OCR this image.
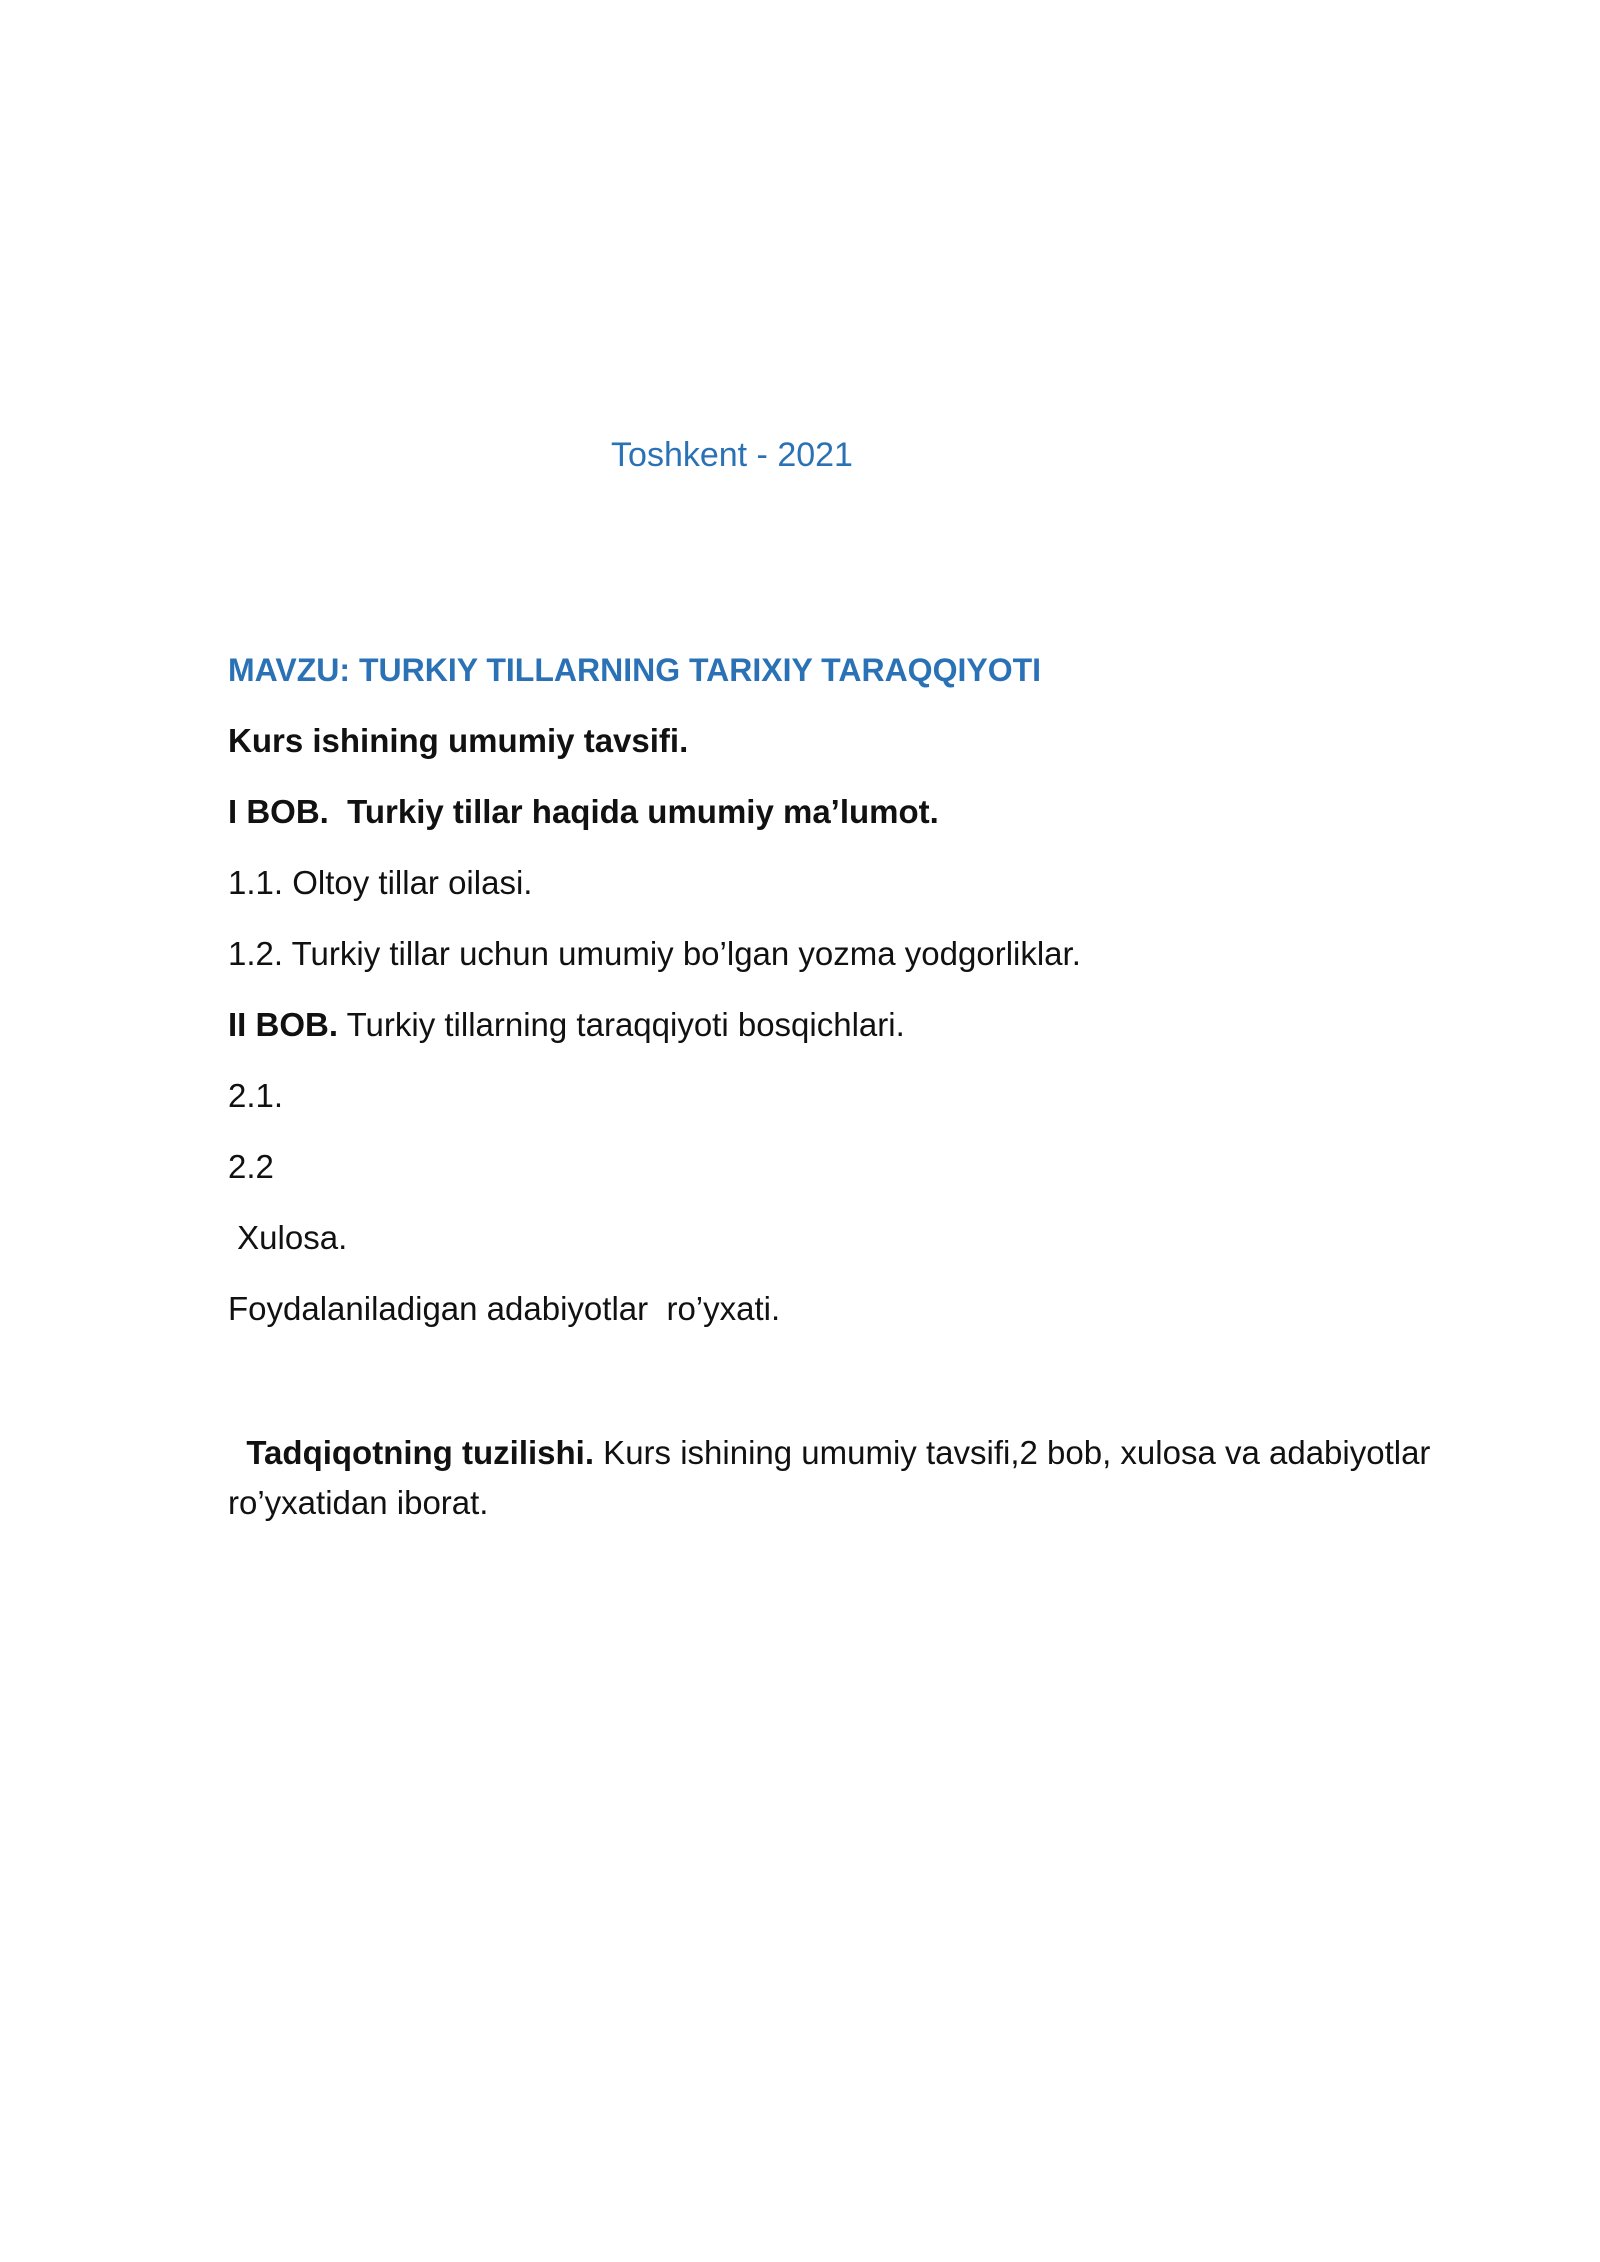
Toshkent - 2021
MAVZU: TURKIY TILLARNING TARIXIY TARAQQIYOTI
Kurs ishining umumiy tavsifi.
I BOB.  Turkiy tillar haqida umumiy ma’lumot.
1.1. Oltoy tillar oilasi.
1.2. Turkiy tillar uchun umumiy bo’lgan yozma yodgorliklar.
II BOB. Turkiy tillarning taraqqiyoti bosqichlari.
2.1.
2.2
Xulosa.
Foydalaniladigan adabiyotlar  ro’yxati.

Tadqiqotning tuzilishi. Kurs ishining umumiy tavsifi,2 bob, xulosa va adabiyotlar ro’yxatidan iborat.
